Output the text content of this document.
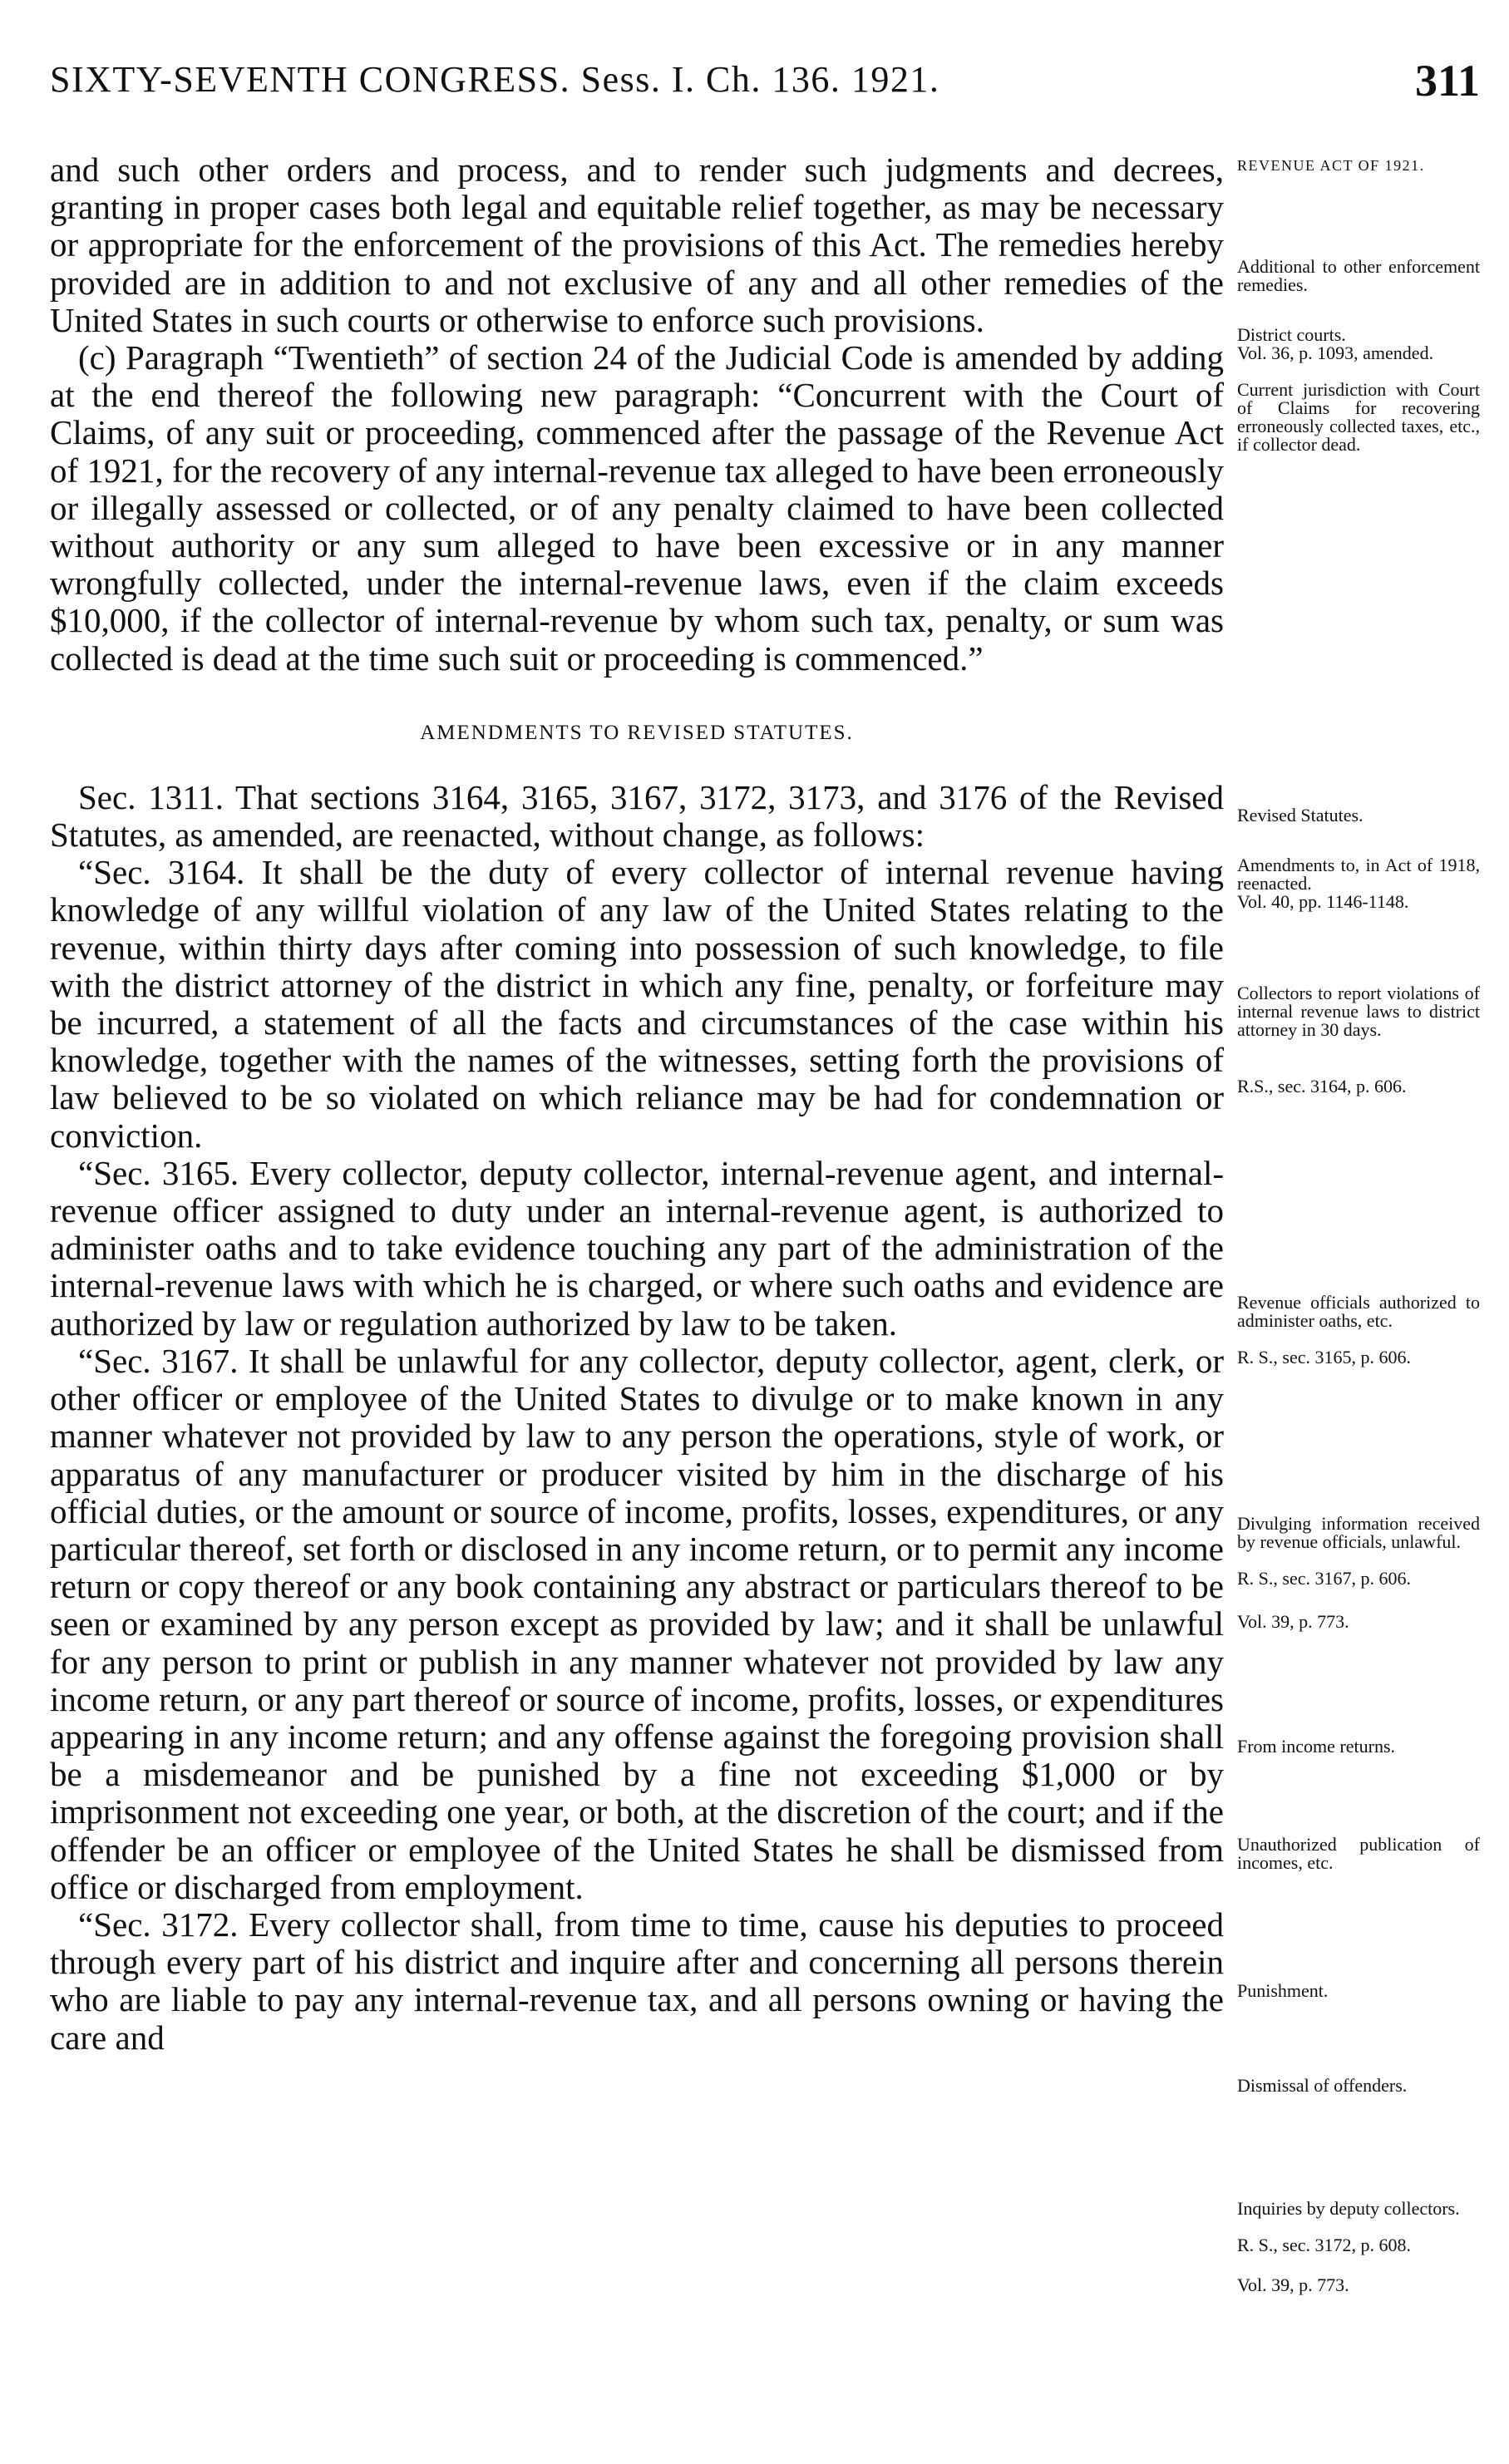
SIXTY-SEVENTH CONGRESS. Sess. I. Ch. 136. 1921.	311

and such other orders and process, and to render such judgments and decrees, granting in proper cases both legal and equitable relief together, as may be necessary or appropriate for the enforcement of the provisions of this Act. The remedies hereby provided are in addition to and not exclusive of any and all other remedies of the United States in such courts or otherwise to enforce such provisions.

(c) Paragraph “Twentieth” of section 24 of the Judicial Code is amended by adding at the end thereof the following new paragraph: “Concurrent with the Court of Claims, of any suit or proceeding, commenced after the passage of the Revenue Act of 1921, for the recovery of any internal-revenue tax alleged to have been erroneously or illegally assessed or collected, or of any penalty claimed to have been collected without authority or any sum alleged to have been excessive or in any manner wrongfully collected, under the internal-revenue laws, even if the claim exceeds $10,000, if the collector of internal-revenue by whom such tax, penalty, or sum was collected is dead at the time such suit or proceeding is commenced.”

AMENDMENTS TO REVISED STATUTES.

Sec. 1311. That sections 3164, 3165, 3167, 3172, 3173, and 3176 of the Revised Statutes, as amended, are reenacted, without change, as follows:

“Sec. 3164. It shall be the duty of every collector of internal revenue having knowledge of any willful violation of any law of the United States relating to the revenue, within thirty days after coming into possession of such knowledge, to file with the district attorney of the district in which any fine, penalty, or forfeiture may be incurred, a statement of all the facts and circumstances of the case within his knowledge, together with the names of the witnesses, setting forth the provisions of law believed to be so violated on which reliance may be had for condemnation or conviction.

“Sec. 3165. Every collector, deputy collector, internal-revenue agent, and internal-revenue officer assigned to duty under an internal-revenue agent, is authorized to administer oaths and to take evidence touching any part of the administration of the internal-revenue laws with which he is charged, or where such oaths and evidence are authorized by law or regulation authorized by law to be taken.

“Sec. 3167. It shall be unlawful for any collector, deputy collector, agent, clerk, or other officer or employee of the United States to divulge or to make known in any manner whatever not provided by law to any person the operations, style of work, or apparatus of any manufacturer or producer visited by him in the discharge of his official duties, or the amount or source of income, profits, losses, expenditures, or any particular thereof, set forth or disclosed in any income return, or to permit any income return or copy thereof or any book containing any abstract or particulars thereof to be seen or examined by any person except as provided by law; and it shall be unlawful for any person to print or publish in any manner whatever not provided by law any income return, or any part thereof or source of income, profits, losses, or expenditures appearing in any income return; and any offense against the foregoing provision shall be a misdemeanor and be punished by a fine not exceeding $1,000 or by imprisonment not exceeding one year, or both, at the discretion of the court; and if the offender be an officer or employee of the United States he shall be dismissed from office or discharged from employment.

“Sec. 3172. Every collector shall, from time to time, cause his deputies to proceed through every part of his district and inquire after and concerning all persons therein who are liable to pay any internal-revenue tax, and all persons owning or having the care and

REVENUE ACT OF 1921.
Additional to other enforcement remedies.
District courts.
Vol. 36, p. 1093, amended.
Current jurisdiction with Court of Claims for recovering erroneously collected taxes, etc., if collector dead.
Revised Statutes.
Amendments to, in Act of 1918, reenacted.
Vol. 40, pp. 1146-1148.
Collectors to report violations of internal revenue laws to district attorney in 30 days.
R.S., sec. 3164, p. 606.
Revenue officials authorized to administer oaths, etc.
R. S., sec. 3165, p. 606.
Divulging information received by revenue officials, unlawful.
R. S., sec. 3167, p. 606.
Vol. 39, p. 773.
From income returns.
Unauthorized publication of incomes, etc.
Punishment.
Dismissal of offenders.
Inquiries by deputy collectors.
R. S., sec. 3172, p. 608.
Vol. 39, p. 773.
